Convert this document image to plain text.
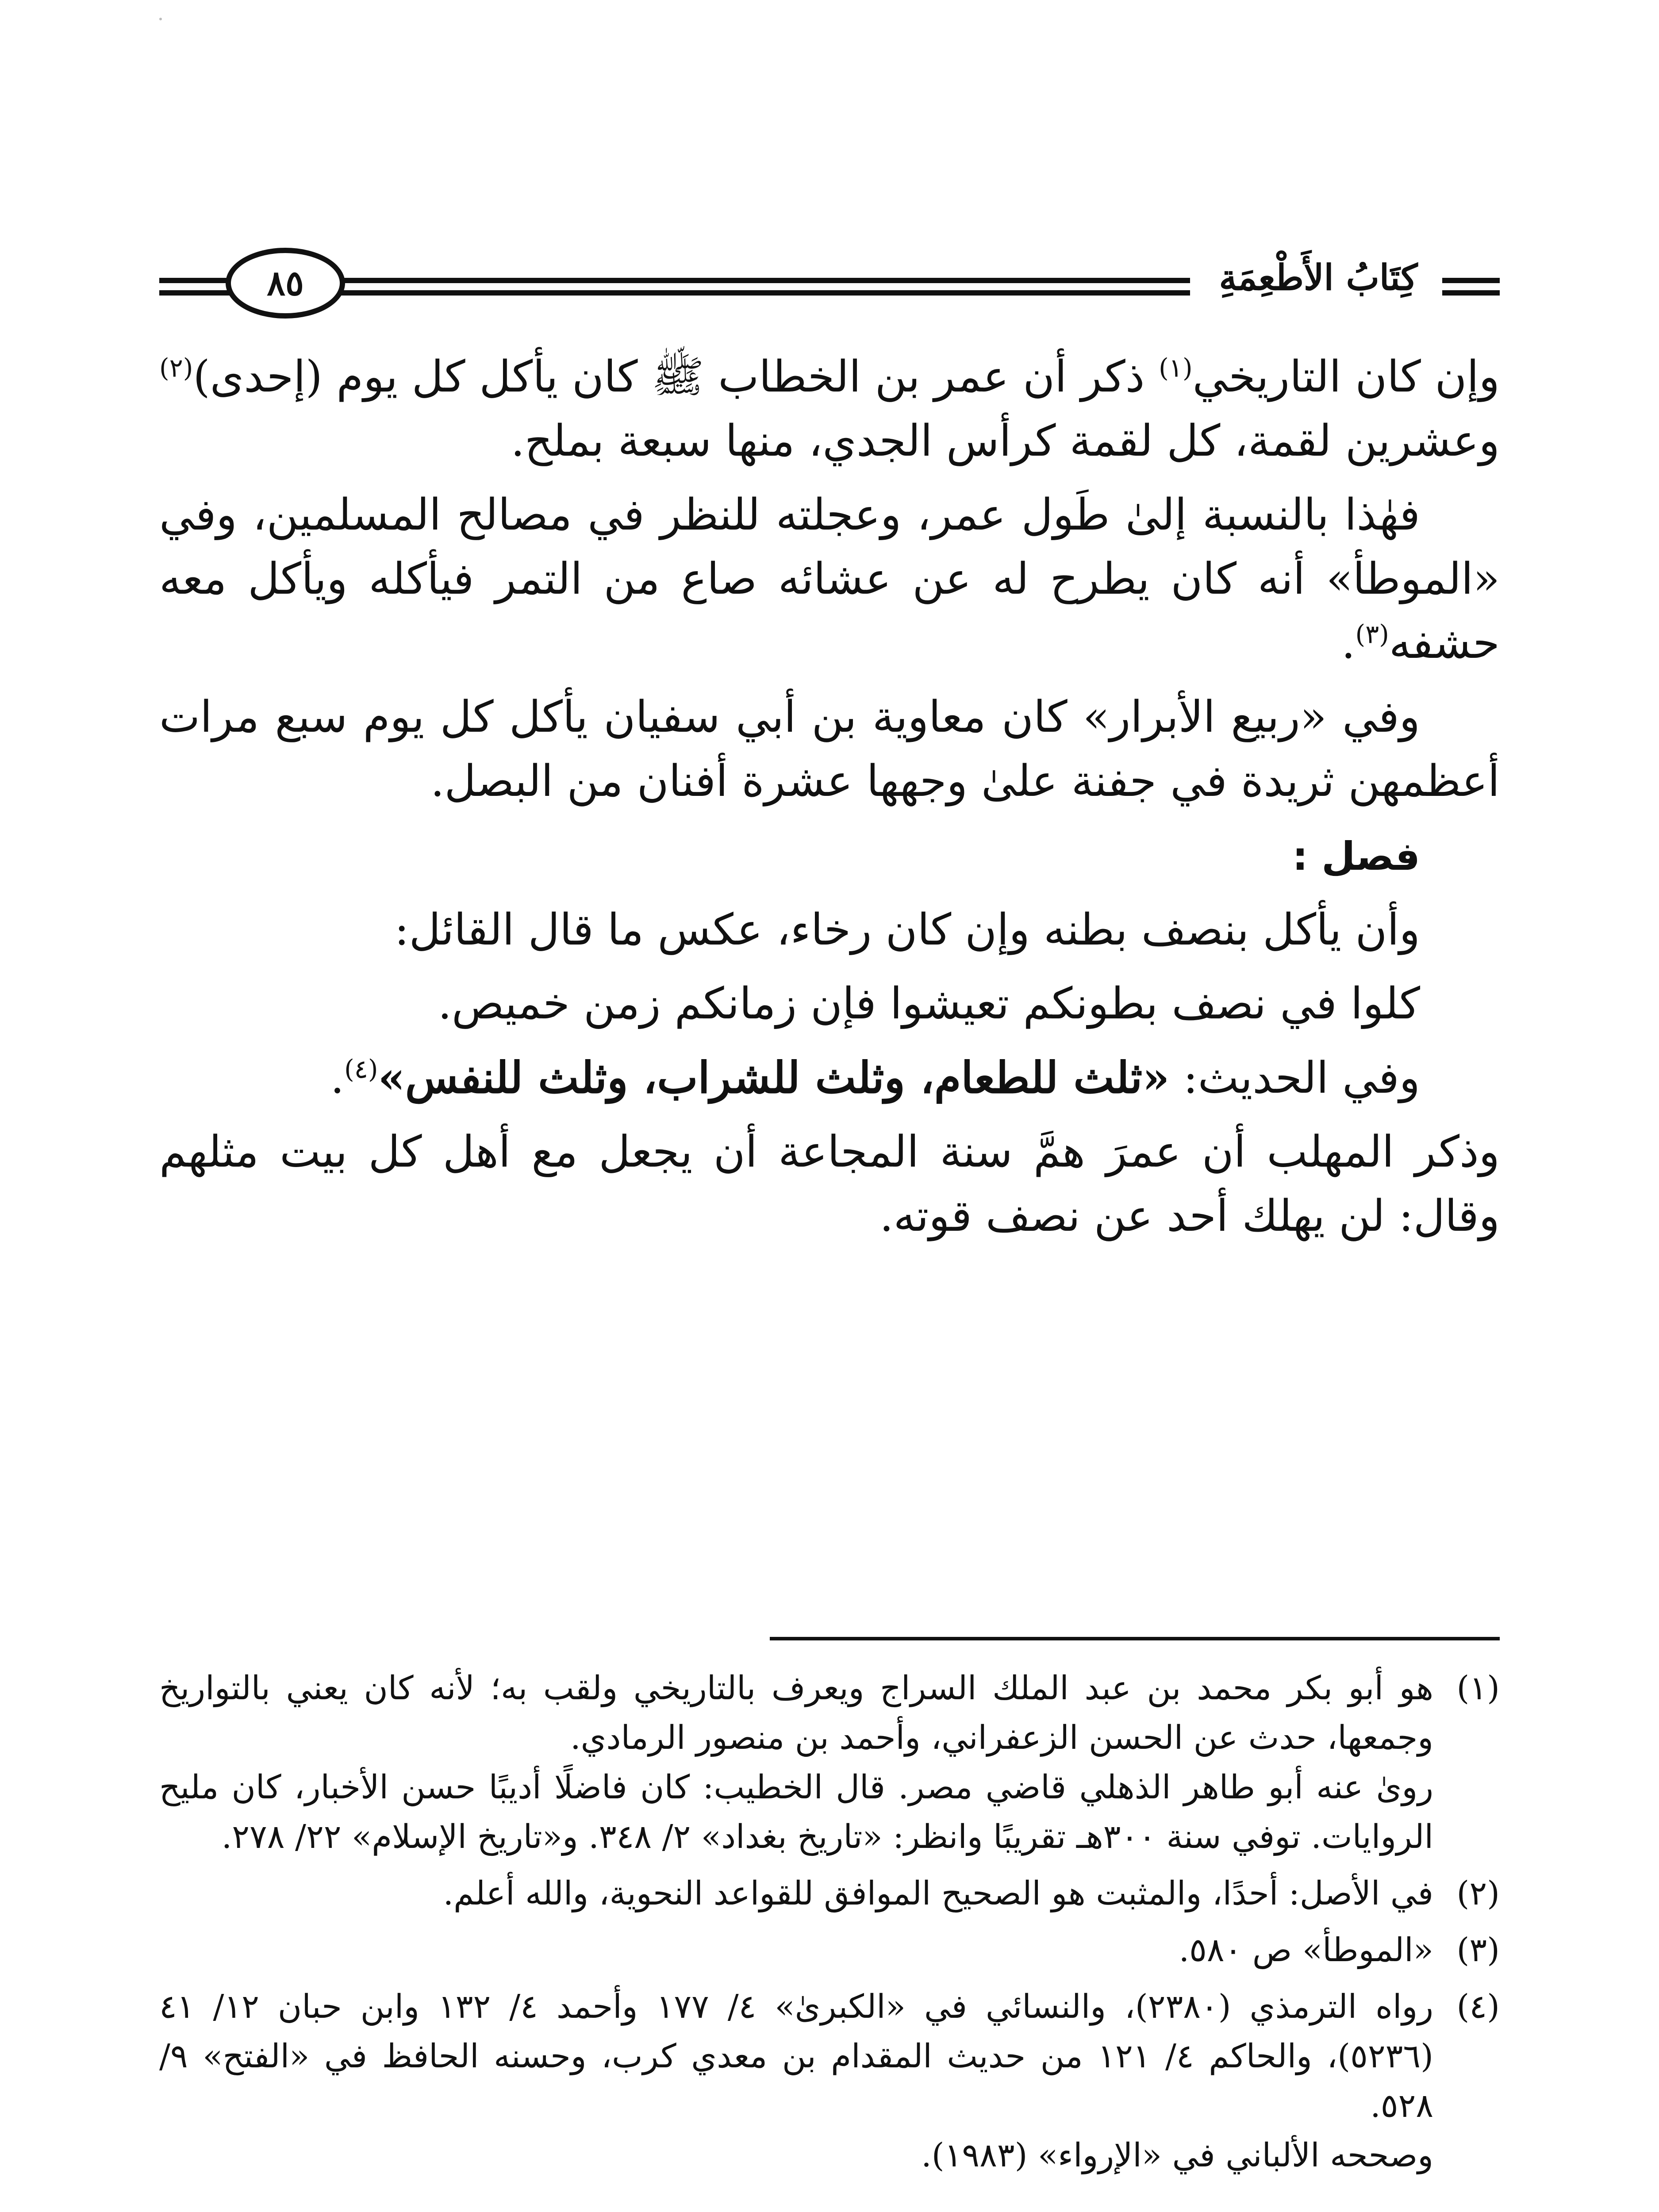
٨٥	كِتَابُ الأَطْعِمَةِ

وإن كان التاريخي$^{(١)}$ ذكر أن عمر بن الخطاب ﷺ كان يأكل كل يوم (إحدى)$^{(٢)}$ وعشرين لقمة، كل لقمة كرأس الجدي، منها سبعة بملح.

فهٰذا بالنسبة إلىٰ طَول عمر، وعجلته للنظر في مصالح المسلمين، وفي «الموطأ» أنه كان يطرح له عن عشائه صاع من التمر فيأكله ويأكل معه حشفه$^{(٣)}$.

وفي «ربيع الأبرار» كان معاوية بن أبي سفيان يأكل كل يوم سبع مرات أعظمهن ثريدة في جفنة علىٰ وجهها عشرة أفنان من البصل.

فصل :

وأن يأكل بنصف بطنه وإن كان رخاء، عكس ما قال القائل:

كلوا في نصف بطونكم تعيشوا فإن زمانكم زمن خميص.

وفي الحديث: «ثلث للطعام، وثلث للشراب، وثلث للنفس»$^{(٤)}$.

وذكر المهلب أن عمرَ همَّ سنة المجاعة أن يجعل مع أهل كل بيت مثلهم وقال: لن يهلك أحد عن نصف قوته.

(١)
هو أبو بكر محمد بن عبد الملك السراج ويعرف بالتاريخي ولقب به؛ لأنه كان يعني بالتواريخ وجمعها، حدث عن الحسن الزعفراني، وأحمد بن منصور الرمادي.
روىٰ عنه أبو طاهر الذهلي قاضي مصر. قال الخطيب: كان فاضلًا أديبًا حسن الأخبار، كان مليح الروايات. توفي سنة ٣٠٠هـ تقريبًا وانظر: «تاريخ بغداد» ٢/ ٣٤٨. و«تاريخ الإسلام» ٢٢/ ٢٧٨.
(٢)
في الأصل: أحدًا، والمثبت هو الصحيح الموافق للقواعد النحوية، والله أعلم.
(٣)
«الموطأ» ص ٥٨٠.
(٤)
رواه الترمذي (٢٣٨٠)، والنسائي في «الكبرىٰ» ٤/ ١٧٧ وأحمد ٤/ ١٣٢ وابن حبان ١٢/ ٤١ (٥٢٣٦)، والحاكم ٤/ ١٢١ من حديث المقدام بن معدي كرب، وحسنه الحافظ في «الفتح» ٩/ ٥٢٨.
وصححه الألباني في «الإرواء» (١٩٨٣).
